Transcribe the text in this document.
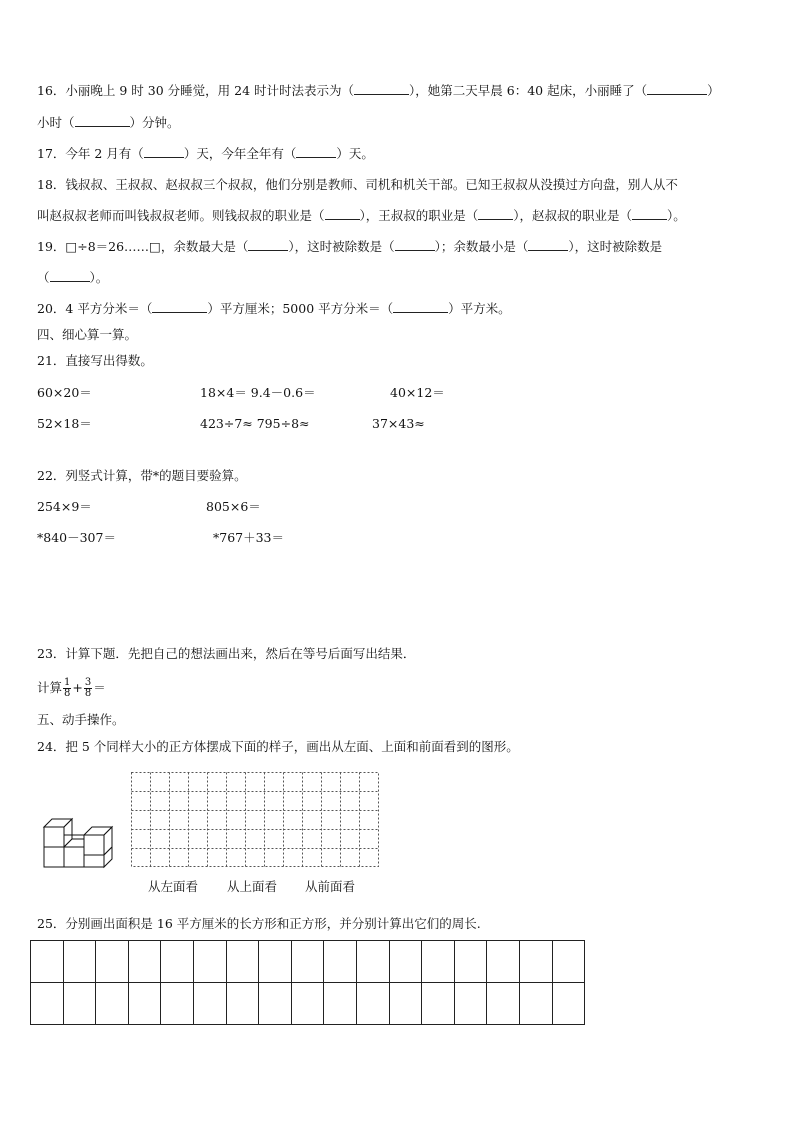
16．小丽晚上 9 时 30 分睡觉，用 24 时计时法表示为（	），她第二天早晨 6：40 起床，小丽睡了（	）
小时（	）分钟。
17．今年 2 月有（	）天，今年全年有（	）天。
18．钱叔叔、王叔叔、赵叔叔三个叔叔，他们分别是教师、司机和机关干部。已知王叔叔从没摸过方向盘，别人从不
叫赵叔叔老师而叫钱叔叔老师。则钱叔叔的职业是（	），王叔叔的职业是（	），赵叔叔的职业是（	）。
19．□÷8＝26……□，余数最大是（	），这时被除数是（	）；余数最小是（	），这时被除数是
（	）。
20．4 平方分米＝（	）平方厘米；5000 平方分米＝（	）平方米。
四、细心算一算。
21．直接写出得数。
60×20＝	18×4＝ 9.4－0.6＝	40×12＝
52×18＝	423÷7≈ 795÷8≈	37×43≈
22．列竖式计算，带*的题目要验算。
254×9＝	805×6＝
*840－307＝	*767＋33＝
23．计算下题．先把自己的想法画出来，然后在等号后面写出结果．
计算 $\frac{1}{8} + \frac{3}{8}$ ＝
五、动手操作。
24．把 5 个同样大小的正方体摆成下面的样子，画出从左面、上面和前面看到的图形。
从左面看 从上面看 从前面看
25．分别画出面积是 16 平方厘米的长方形和正方形，并分别计算出它们的周长.
